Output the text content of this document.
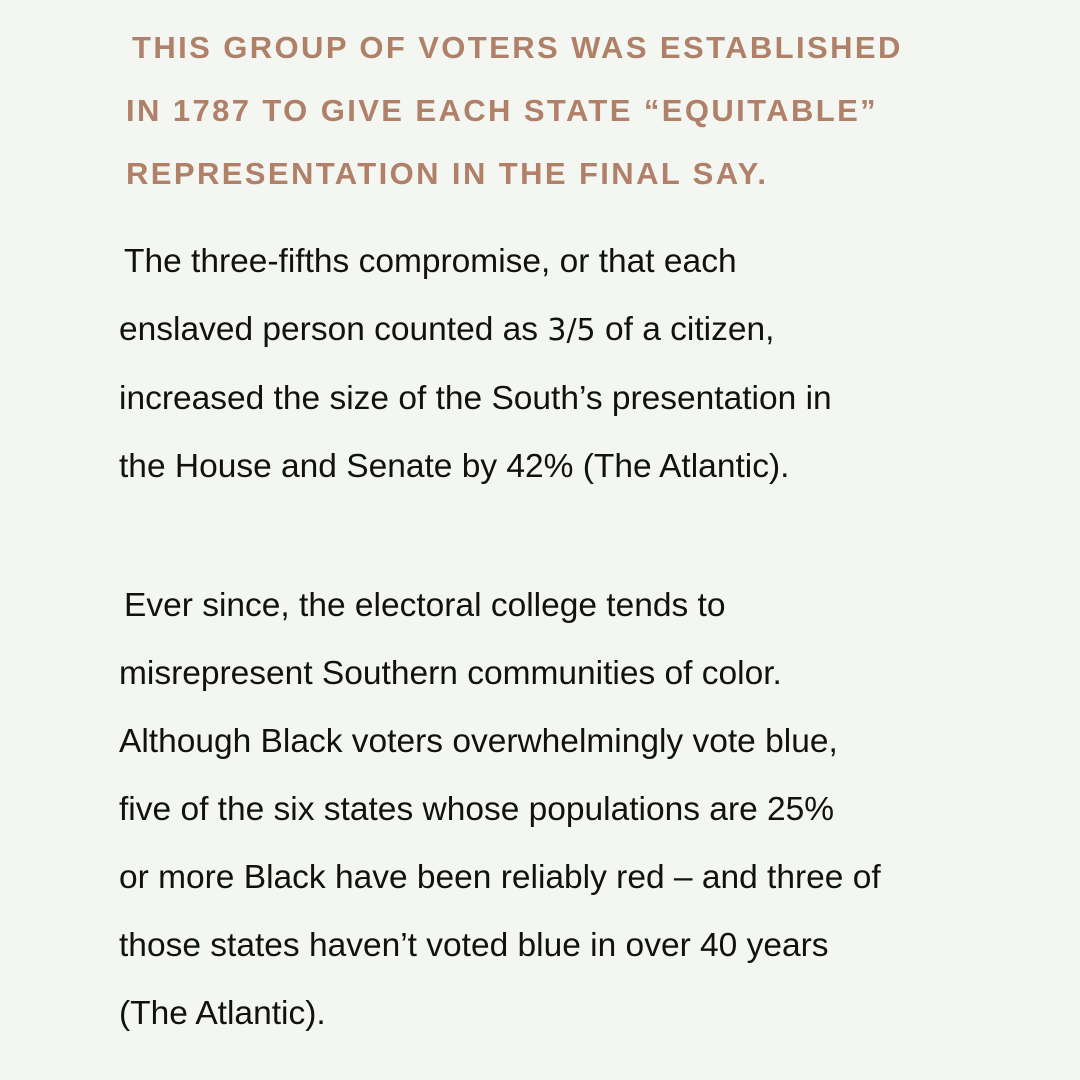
THIS GROUP OF VOTERS WAS ESTABLISHED
IN 1787 TO GIVE EACH STATE “EQUITABLE”
REPRESENTATION IN THE FINAL SAY.

The three-fifths compromise, or that each
enslaved person counted as 3/5 of a citizen,
increased the size of the South’s presentation in
the House and Senate by 42% (The Atlantic).

Ever since, the electoral college tends to
misrepresent Southern communities of color.
Although Black voters overwhelmingly vote blue,
five of the six states whose populations are 25%
or more Black have been reliably red – and three of
those states haven’t voted blue in over 40 years
(The Atlantic).
